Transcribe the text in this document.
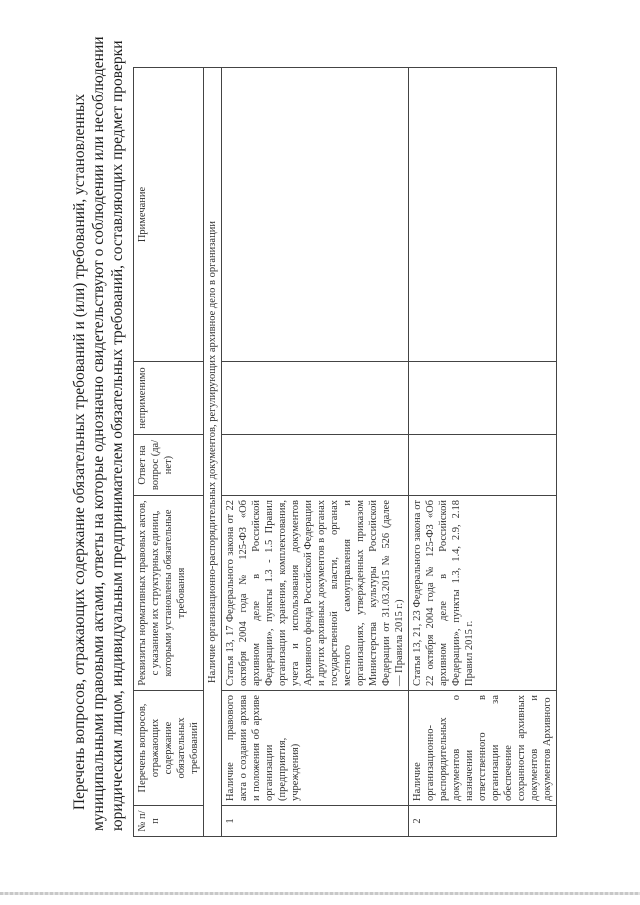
Перечень вопросов, отражающих содержание обязательных требований и (или) требований, установленных муниципальными правовыми актами, ответы на которые однозначно свидетельствуют о соблюдении или несоблюдении юридическим лицом, индивидуальным предпринимателем обязательных требований, составляющих предмет проверки № п/п	Перечень вопросов, отражающих содержание обязательных требований	Реквизиты нормативных правовых актов, с указанием их структурных единиц, которыми установлены обязательные требования	Ответ на вопрос (да/нет)	неприменимо	Примечание
Наличие организационно-распорядительных документов, регулирующих архивное дело в организации					
1	Наличие правового акта о создании архива и положения об архиве организации (предприятия, учреждения)	Статья 13, 17 Федерального закона от 22 октября 2004 года № 125-ФЗ «Об архивном деле в Российской Федерации», пункты 1.3 - 1.5 Правил организации хранения, комплектования, учета и использования документов Архивного фонда Российской Федерации и других архивных документов в органах государственной власти, органах местного самоуправления и организациях, утвержденных приказом Министерства культуры Российской Федерации от 31.03.2015 № 526 (далее — Правила 2015 г.)			
2	Наличие организационно-распорядительных документов о назначении ответственного в организации за обеспечение сохранности архивных документов и документов Архивного	Статья 13, 21, 23 Федерального закона от 22 октября 2004 года № 125-ФЗ «Об архивном деле в Российской Федерации», пункты 1.3, 1.4, 2.9, 2.18 Правил 2015 г.			
